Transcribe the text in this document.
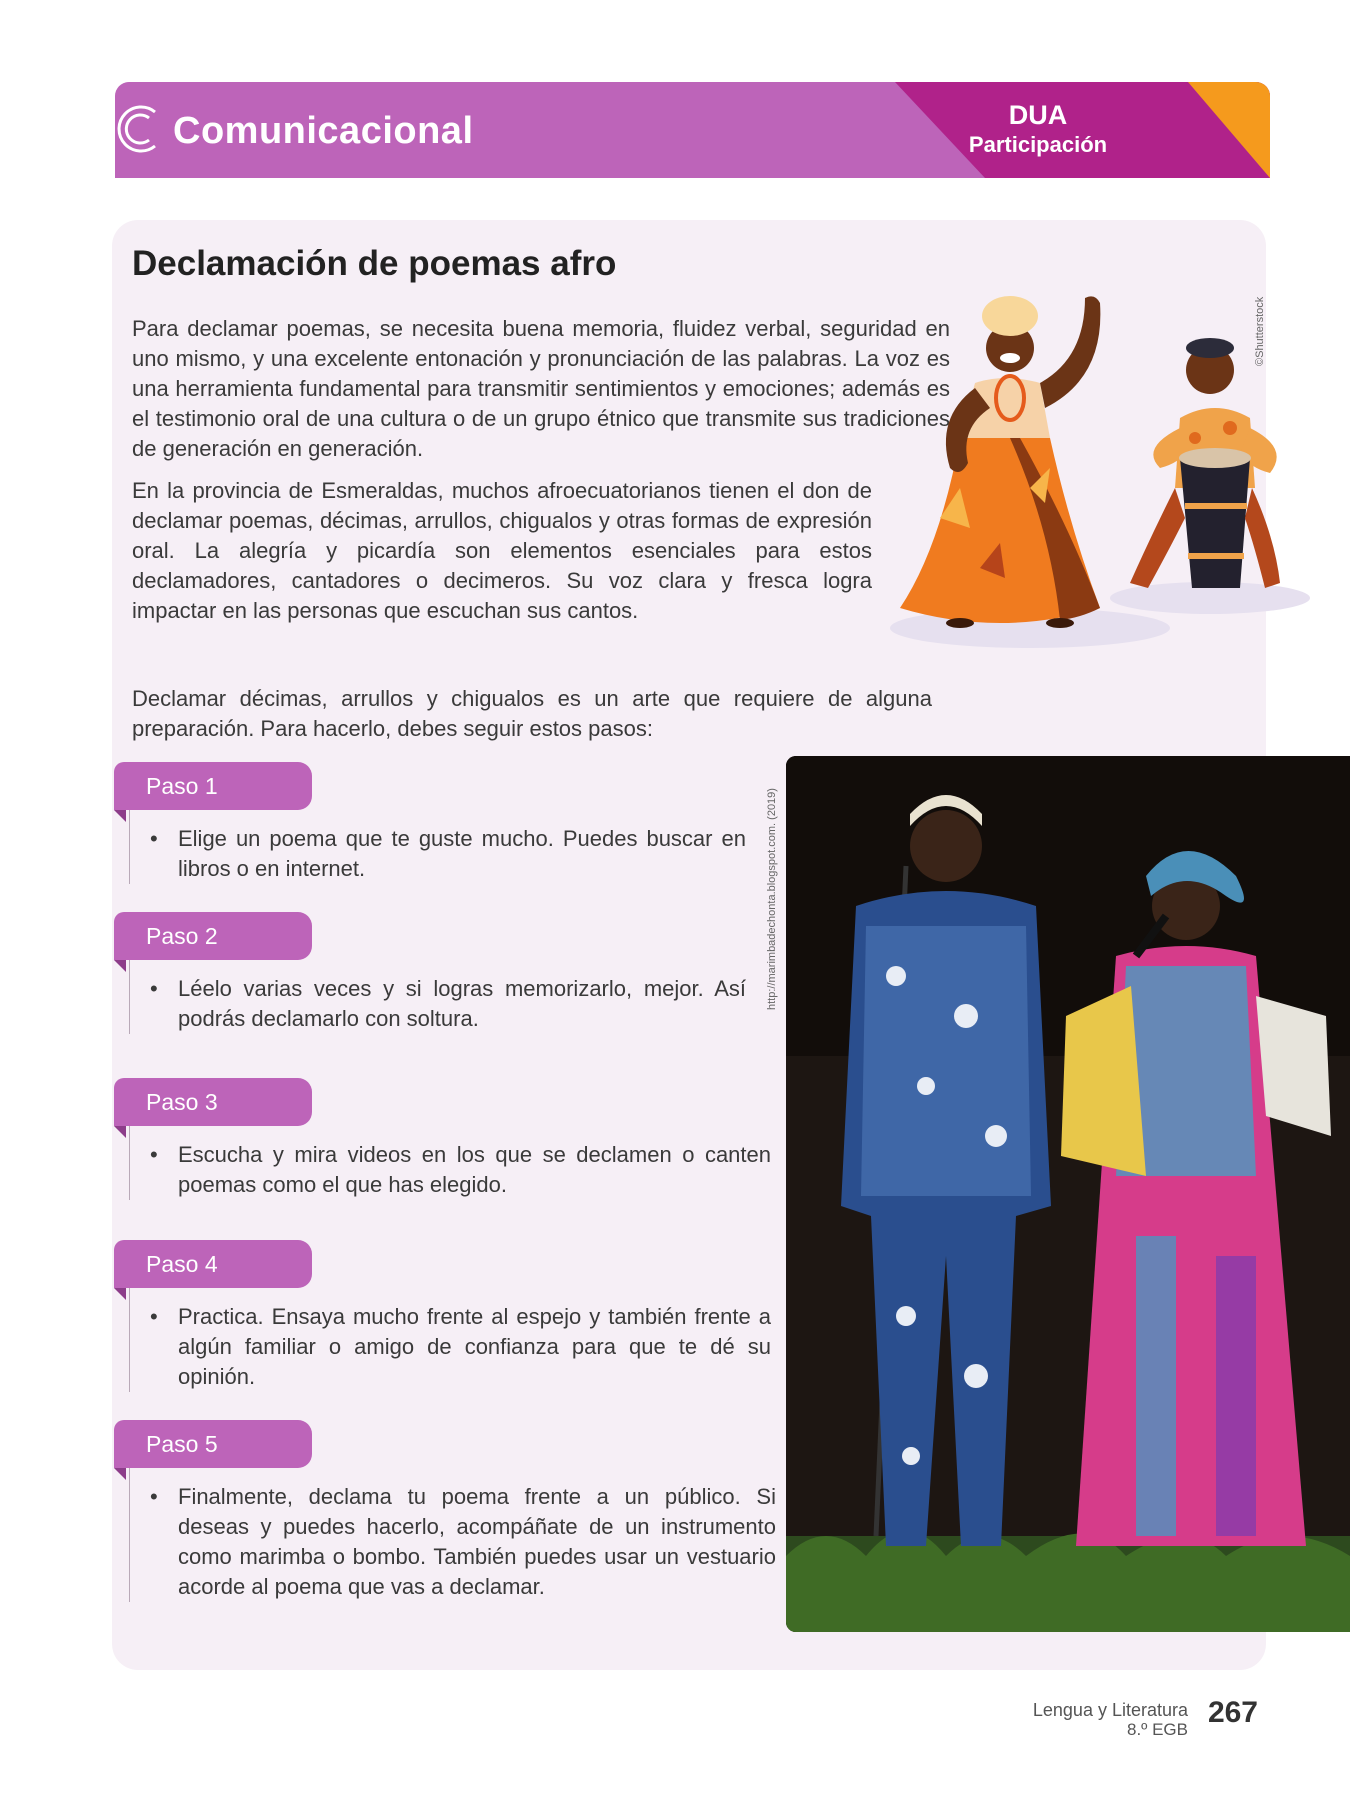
Comunicacional	DUA
Participación
Declamación de poemas afro

Para declamar poemas, se necesita buena memoria, fluidez verbal, seguridad en uno mismo, y una excelente entonación y pronunciación de las palabras. La voz es una herramienta fundamental para transmitir sentimientos y emociones; además es el testimonio oral de una cultura o de un grupo étnico que transmite sus tradiciones de generación en generación.

En la provincia de Esmeraldas, muchos afroecuatorianos tienen el don de declamar poemas, décimas, arrullos, chigualos y otras formas de expresión oral. La alegría y picardía son elementos esenciales para estos declamadores, cantadores o decimeros. Su voz clara y fresca logra impactar en las personas que escuchan sus cantos.

Declamar décimas, arrullos y chigualos es un arte que requiere de alguna preparación. Para hacerlo, debes seguir estos pasos:

©Shutterstock
http://marimbadechonta.blogspot.com. (2019)
Paso 1
• Elige un poema que te guste mucho. Puedes buscar en libros o en internet.
Paso 2
• Léelo varias veces y si logras memorizarlo, mejor. Así podrás declamarlo con soltura.
Paso 3
• Escucha y mira videos en los que se declamen o canten poemas como el que has elegido.
Paso 4
• Practica. Ensaya mucho frente al espejo y también frente a algún familiar o amigo de confianza para que te dé su opinión.
Paso 5
• Finalmente, declama tu poema frente a un público. Si deseas y puedes hacerlo, acompáñate de un instrumento como marimba o bombo. También puedes usar un vestuario acorde al poema que vas a declamar.
Lengua y Literatura
8.º EGB
267
